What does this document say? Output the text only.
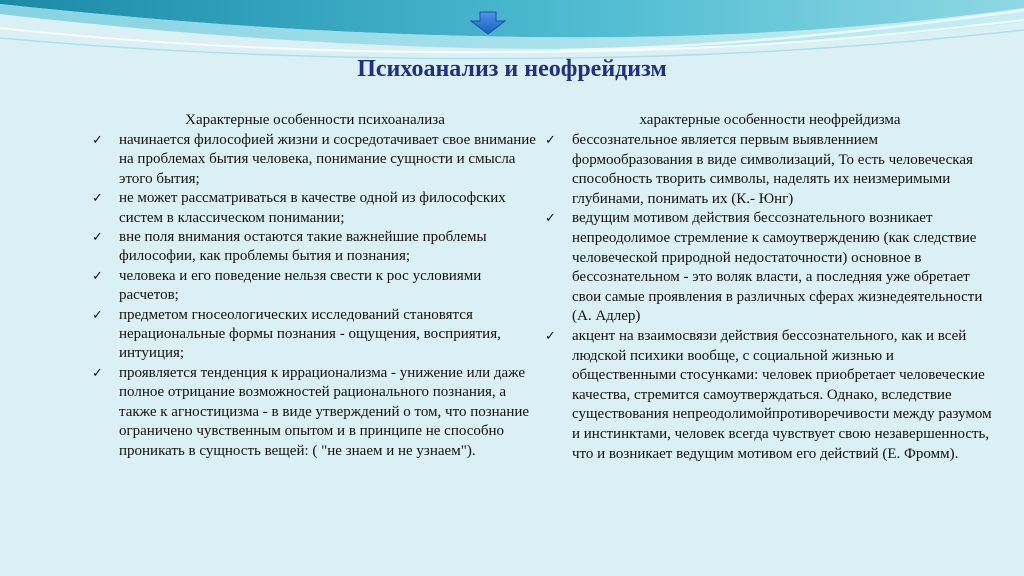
Психоанализ и неофрейдизм
Характерные особенности психоанализа
✓ начинается философией жизни и сосредотачивает свое внимание на проблемах бытия человека, понимание сущности и смысла этого бытия;
✓ не может рассматриваться в качестве одной из философских систем в классическом понимании;
✓ вне поля внимания остаются такие важнейшие проблемы философии, как проблемы бытия и познания;
✓ человека и его поведение нельзя свести к рос условиями расчетов;
✓ предметом гносеологических исследований становятся нерациональные формы познания - ощущения, восприятия, интуиция;
✓ проявляется тенденция к иррационализма - унижение или даже полное отрицание возможностей рационального познания, а также к агностицизма - в виде утверждений о том, что познание ограничено чувственным опытом и в принципе не способно проникать в сущность вещей: ( "не знаем и не узнаем").
характерные особенности неофрейдизма
✓ бессознательное является первым выявленнием формообразования в виде символизаций, То есть человеческая способность творить символы, наделять их неизмеримыми глубинами, понимать их (К.- Юнг)
✓ ведущим мотивом действия бессознательного возникает непреодолимое стремление к самоутверждению (как следствие человеческой природной недостаточности) основное в бессознательном - это воляк власти, а последняя уже обретает свои самые проявления в различных сферах жизнедеятельности (А. Адлер)
✓ акцент на взаимосвязи действия бессознательного, как и всей людской психики вообще, с социальной жизнью и общественными стосунками: человек приобретает человеческие качества, стремится самоутверждаться. Однако, вследствие существования непреодолимойпротиворечивости между разумом и инстинктами, человек всегда чувствует свою незавершенность, что и возникает ведущим мотивом его действий (Е. Фромм).
